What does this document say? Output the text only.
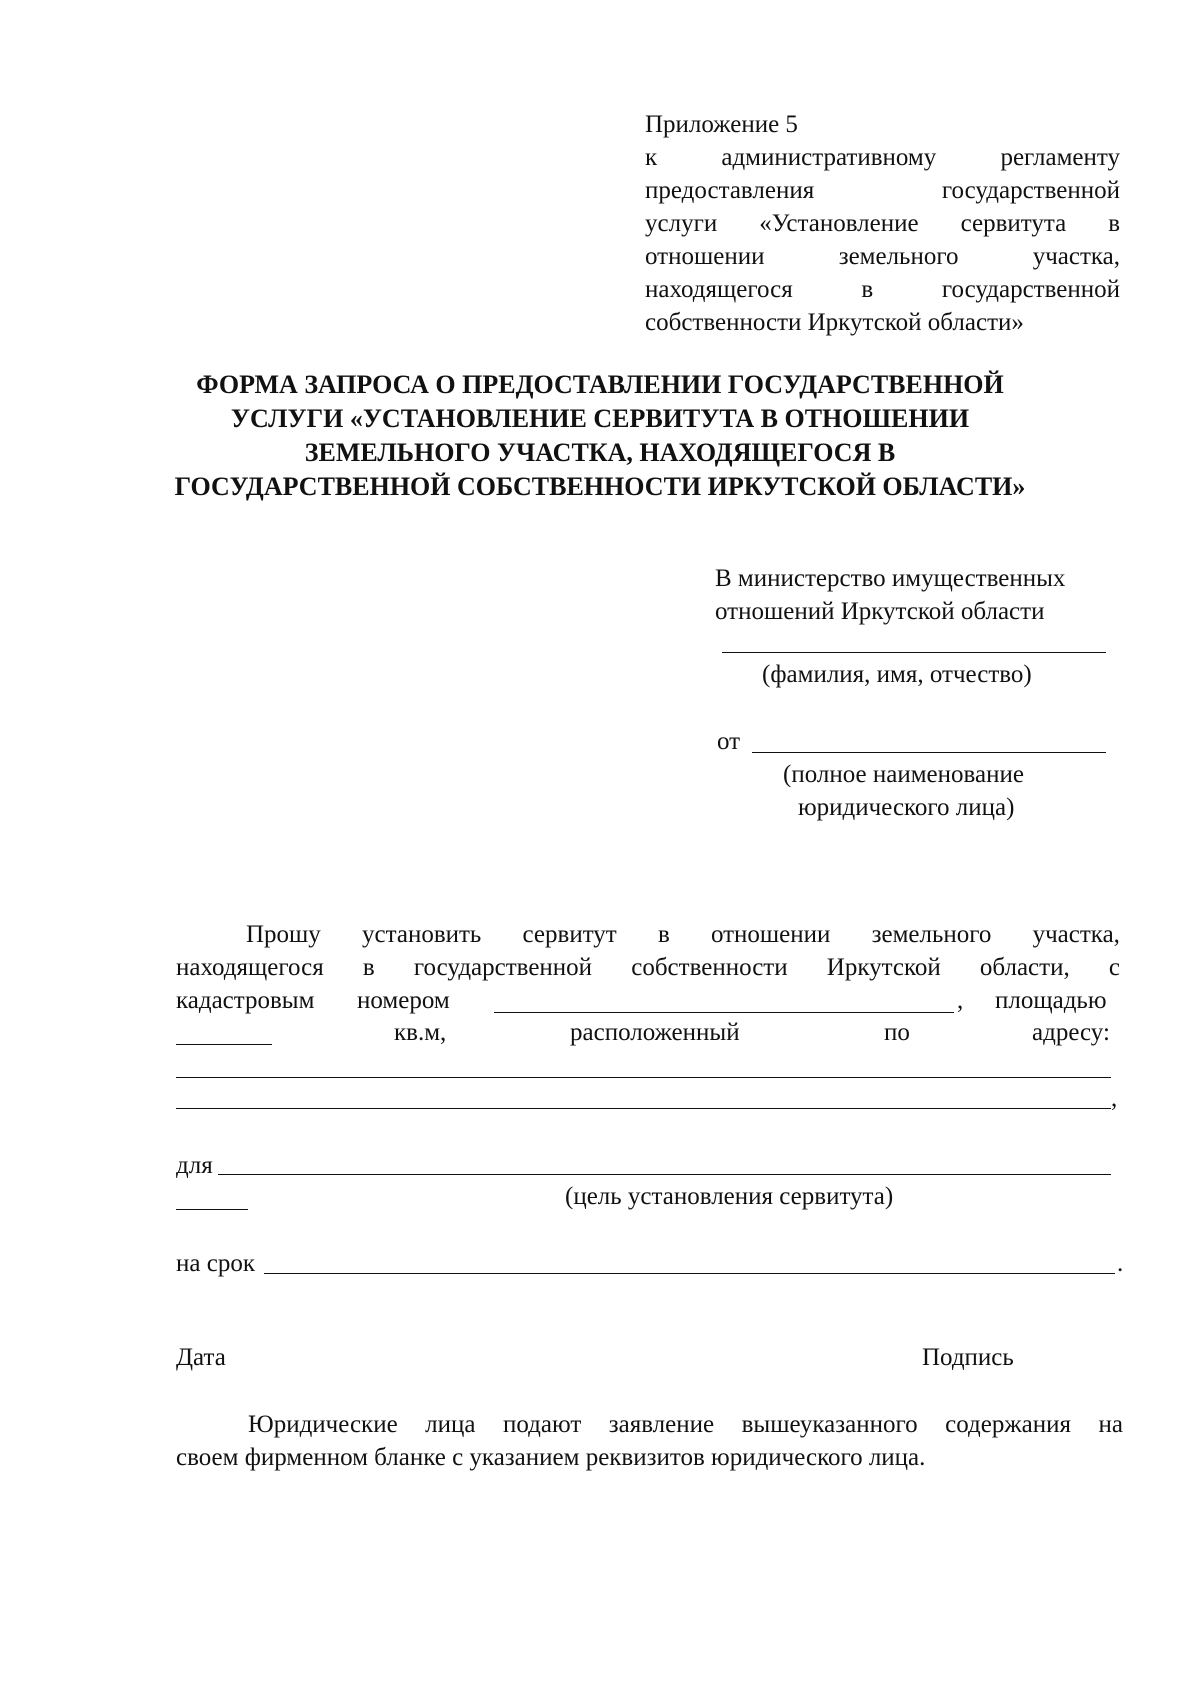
Приложение 5
к	административному	регламенту
предоставления	государственной
услуги «Установление сервитута в
отношении	земельного	участка,
находящегося	в	государственной
собственности Иркутской области»
ФОРМА ЗАПРОСА О ПРЕДОСТАВЛЕНИИ ГОСУДАРСТВЕННОЙ
УСЛУГИ «УСТАНОВЛЕНИЕ СЕРВИТУТА В ОТНОШЕНИИ
ЗЕМЕЛЬНОГО УЧАСТКА, НАХОДЯЩЕГОСЯ В
ГОСУДАРСТВЕННОЙ СОБСТВЕННОСТИ ИРКУТСКОЙ ОБЛАСТИ»
В министерство имущественных
отношений Иркутской области
(фамилия, имя, отчество)
от
(полное наименование
юридического лица)
Прошу установить сервитут в отношении земельного участка,
находящегося в государственной собственности Иркутской области, с
кадастровым номером	, площадью
кв.м,	расположенный	по	адресу:
,
для
(цель установления сервитута)
на срок	.
Дата	Подпись
Юридические лица подают заявление вышеуказанного содержания на
своем фирменном бланке с указанием реквизитов юридического лица.
